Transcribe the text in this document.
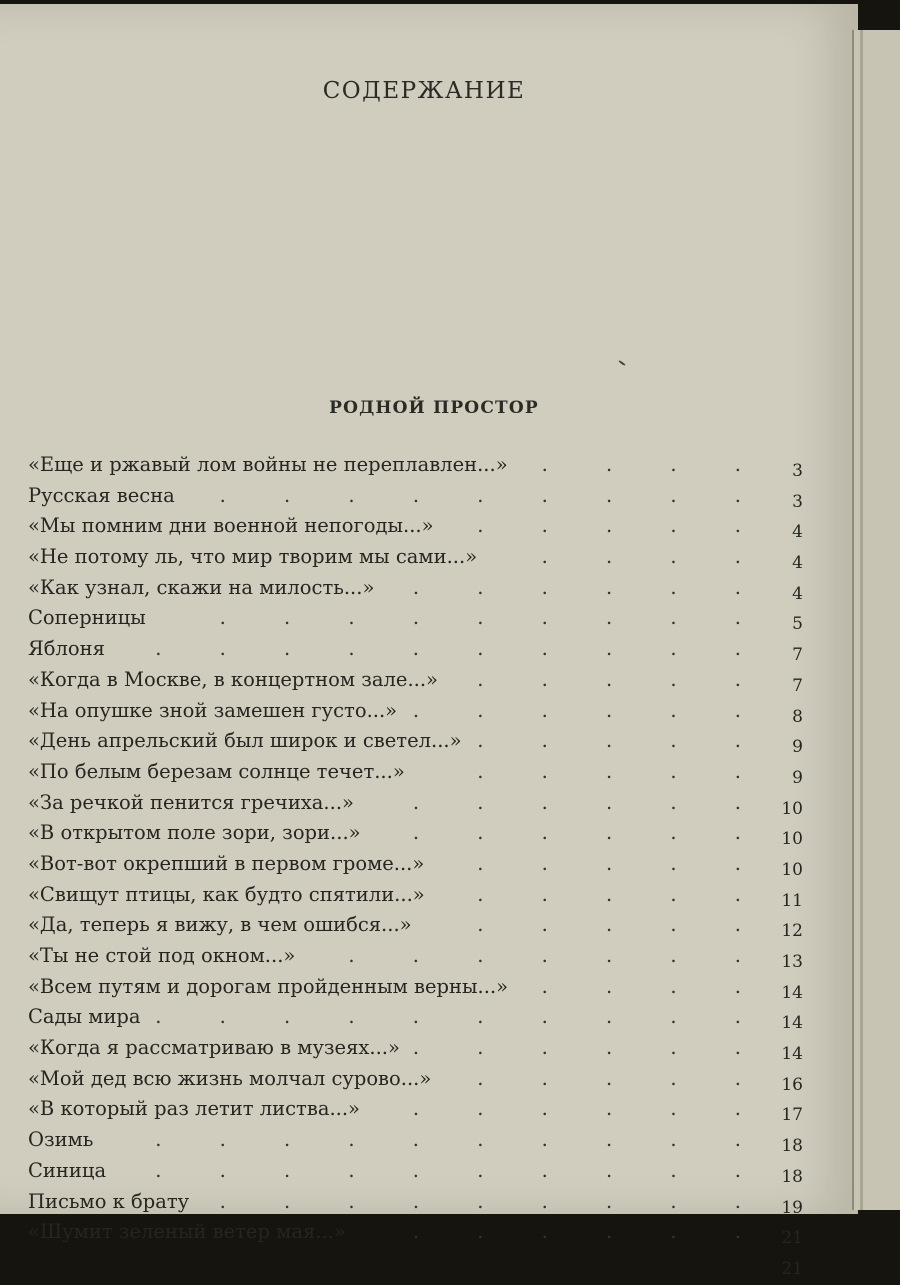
СОДЕРЖАНИЕ
РОДНОЙ ПРОСТОР
«Еще и ржавый лом войны не переплавлен...» . . . .	3
Русская весна . . . . . . . . .	3
«Мы помним дни военной непогоды...» . . . . .	4
«Не потому ль, что мир творим мы сами...»	. . . .	4
«Как узнал, скажи на милость...» . . . . . .	4
Соперницы	. . . . . . . . .	5
Яблоня	. . . . . . . . . .	7
«Когда в Москве, в концертном зале...» . . . . .	7
«На опушке зной замешен густо...» . . . . . .	8
«День апрельский был широк и светел...» . . . . .	9
«По белым березам солнце течет...»	. . . . .	9
«За речкой пенится гречиха...»	. . . . . . 10
«В открытом поле зори, зори...»	. . . . . . 10
«Вот-вот окрепший в первом громе...»	. . . . . 10
«Свищут птицы, как будто спятили...»	. . . . . 11
«Да, теперь я вижу, в чем ошибся...»	. . . . . 12
«Ты не стой под окном...»	. . . . . . . 13
«Всем путям и дорогам пройденным верны...» . . . . 14
Сады мира . . . . . . . . . . 14
«Когда я рассматриваю в музеях...» . . . . . . 14
«Мой дед всю жизнь молчал сурово...» . . . . . 16
«В который раз летит листва...»	. . . . . . 17
Озимь	. . . . . . . . . . 18
Синица	. . . . . . . . . . 18
Письмо к брату . . . . . . . . . 19
«Шумит зеленый ветер мая...»	. . . . . . 21
21
